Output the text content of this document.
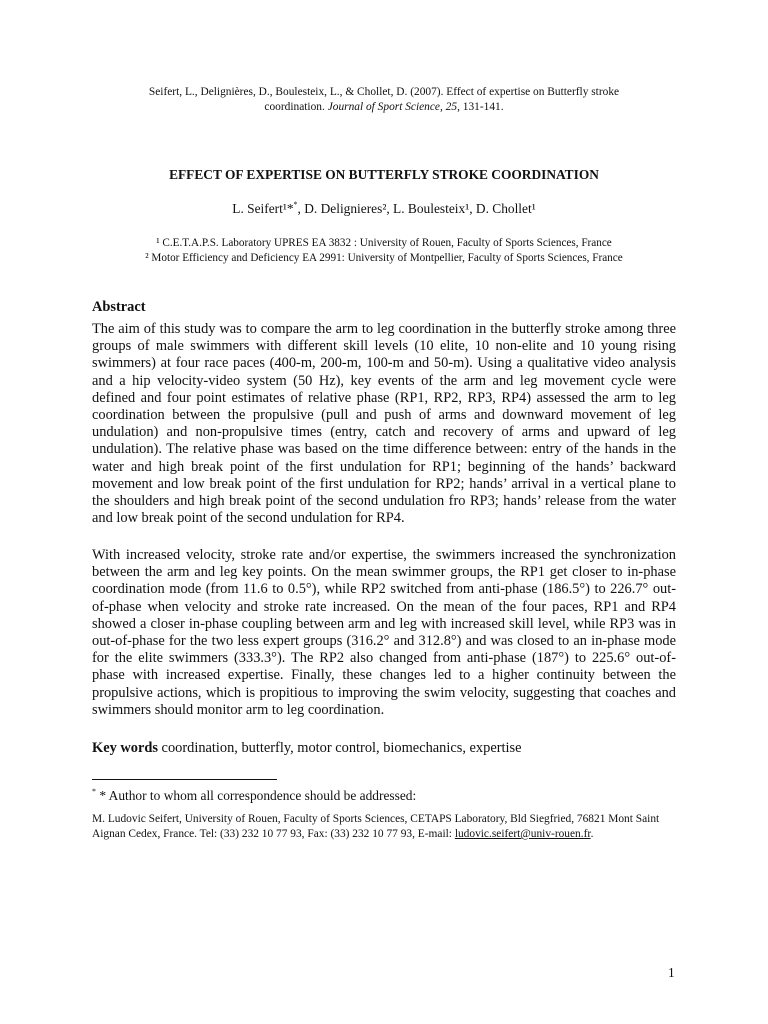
Seifert, L., Delignières, D., Boulesteix, L., & Chollet, D. (2007). Effect of expertise on Butterfly stroke
coordination. Journal of Sport Science, 25, 131-141.
EFFECT OF EXPERTISE ON BUTTERFLY STROKE COORDINATION
L. Seifert¹**, D. Delignieres², L. Boulesteix¹, D. Chollet¹
¹ C.E.T.A.P.S. Laboratory UPRES EA 3832 : University of Rouen, Faculty of Sports Sciences, France
² Motor Efficiency and Deficiency EA 2991: University of Montpellier, Faculty of Sports Sciences, France
Abstract
The aim of this study was to compare the arm to leg coordination in the butterfly stroke among three groups of male swimmers with different skill levels (10 elite, 10 non-elite and 10 young rising swimmers) at four race paces (400-m, 200-m, 100-m and 50-m). Using a qualitative video analysis and a hip velocity-video system (50 Hz), key events of the arm and leg movement cycle were defined and four point estimates of relative phase (RP1, RP2, RP3, RP4) assessed the arm to leg coordination between the propulsive (pull and push of arms and downward movement of leg undulation) and non-propulsive times (entry, catch and recovery of arms and upward of leg undulation). The relative phase was based on the time difference between: entry of the hands in the water and high break point of the first undulation for RP1; beginning of the hands’ backward movement and low break point of the first undulation for RP2; hands’ arrival in a vertical plane to the shoulders and high break point of the second undulation fro RP3; hands’ release from the water and low break point of the second undulation for RP4.
With increased velocity, stroke rate and/or expertise, the swimmers increased the synchronization between the arm and leg key points. On the mean swimmer groups, the RP1 get closer to in-phase coordination mode (from 11.6 to 0.5°), while RP2 switched from anti-phase (186.5°) to 226.7° out-of-phase when velocity and stroke rate increased. On the mean of the four paces, RP1 and RP4 showed a closer in-phase coupling between arm and leg with increased skill level, while RP3 was in out-of-phase for the two less expert groups (316.2° and 312.8°) and was closed to an in-phase mode for the elite swimmers (333.3°). The RP2 also changed from anti-phase (187°) to 225.6° out-of-phase with increased expertise. Finally, these changes led to a higher continuity between the propulsive actions, which is propitious to improving the swim velocity, suggesting that coaches and swimmers should monitor arm to leg coordination.
Key words coordination, butterfly, motor control, biomechanics, expertise
* * Author to whom all correspondence should be addressed:
M. Ludovic Seifert, University of Rouen, Faculty of Sports Sciences, CETAPS Laboratory, Bld Siegfried, 76821 Mont Saint Aignan Cedex, France. Tel: (33) 232 10 77 93, Fax: (33) 232 10 77 93, E-mail: ludovic.seifert@univ-rouen.fr.
1
